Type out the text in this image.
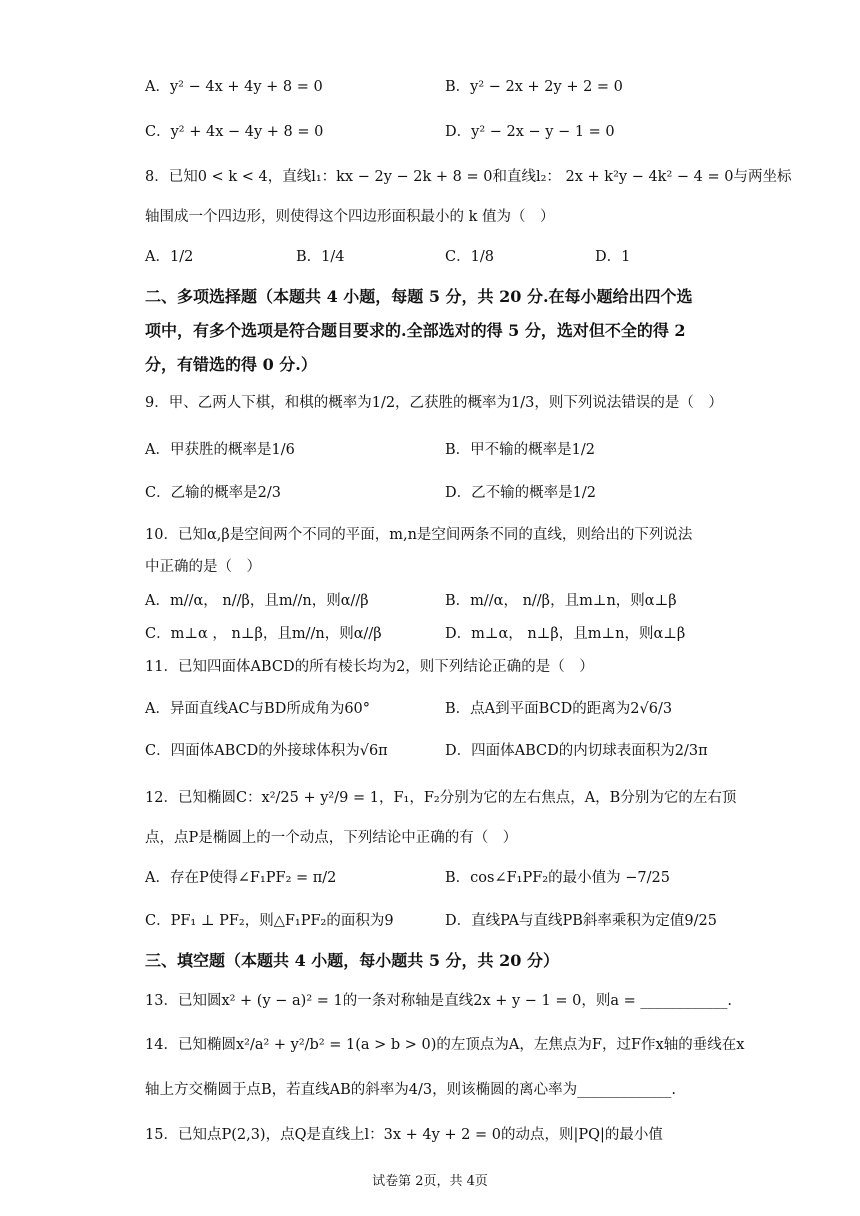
A．y² − 4x + 4y + 8 = 0	B．y² − 2x + 2y + 2 = 0
C．y² + 4x − 4y + 8 = 0	D．y² − 2x − y − 1 = 0
8．已知0 < k < 4，直线l₁：kx − 2y − 2k + 8 = 0和直线l₂： 2x + k²y − 4k² − 4 = 0与两坐标
轴围成一个四边形，则使得这个四边形面积最小的 k 值为（　）
A．1/2	B．1/4	C．1/8	D．1
二、多项选择题（本题共 4 小题，每题 5 分，共 20 分.在每小题给出四个选
项中，有多个选项是符合题目要求的.全部选对的得 5 分，选对但不全的得 2
分，有错选的得 0 分.）
9．甲、乙两人下棋，和棋的概率为1/2，乙获胜的概率为1/3，则下列说法错误的是（　）
A．甲获胜的概率是1/6	B．甲不输的概率是1/2
C．乙输的概率是2/3	D．乙不输的概率是1/2
10．已知α,β是空间两个不同的平面，m,n是空间两条不同的直线，则给出的下列说法
中正确的是（　）
A．m//α， n//β，且m//n，则α//β	B．m//α， n//β，且m⊥n，则α⊥β
C．m⊥α ， n⊥β，且m//n，则α//β	D．m⊥α， n⊥β，且m⊥n，则α⊥β
11．已知四面体ABCD的所有棱长均为2，则下列结论正确的是（　）
A．异面直线AC与BD所成角为60°	B．点A到平面BCD的距离为2√6/3
C．四面体ABCD的外接球体积为√6π	D．四面体ABCD的内切球表面积为2/3π
12．已知椭圆C：x²/25 + y²/9 = 1，F₁，F₂分别为它的左右焦点，A，B分别为它的左右顶
点，点P是椭圆上的一个动点，下列结论中正确的有（　）
A．存在P使得∠F₁PF₂ = π/2	B．cos∠F₁PF₂的最小值为 −7/25
C．PF₁ ⊥ PF₂，则△F₁PF₂的面积为9	D．直线PA与直线PB斜率乘积为定值9/25
三、填空题（本题共 4 小题，每小题共 5 分，共 20 分）
13．已知圆x² + (y − a)² = 1的一条对称轴是直线2x + y − 1 = 0，则a = ____________.
14．已知椭圆x²/a² + y²/b² = 1(a > b > 0)的左顶点为A，左焦点为F，过F作x轴的垂线在x
轴上方交椭圆于点B，若直线AB的斜率为4/3，则该椭圆的离心率为_____________.
15．已知点P(2,3)，点Q是直线上l：3x + 4y + 2 = 0的动点，则|PQ|的最小值
试卷第 2页，共 4页
